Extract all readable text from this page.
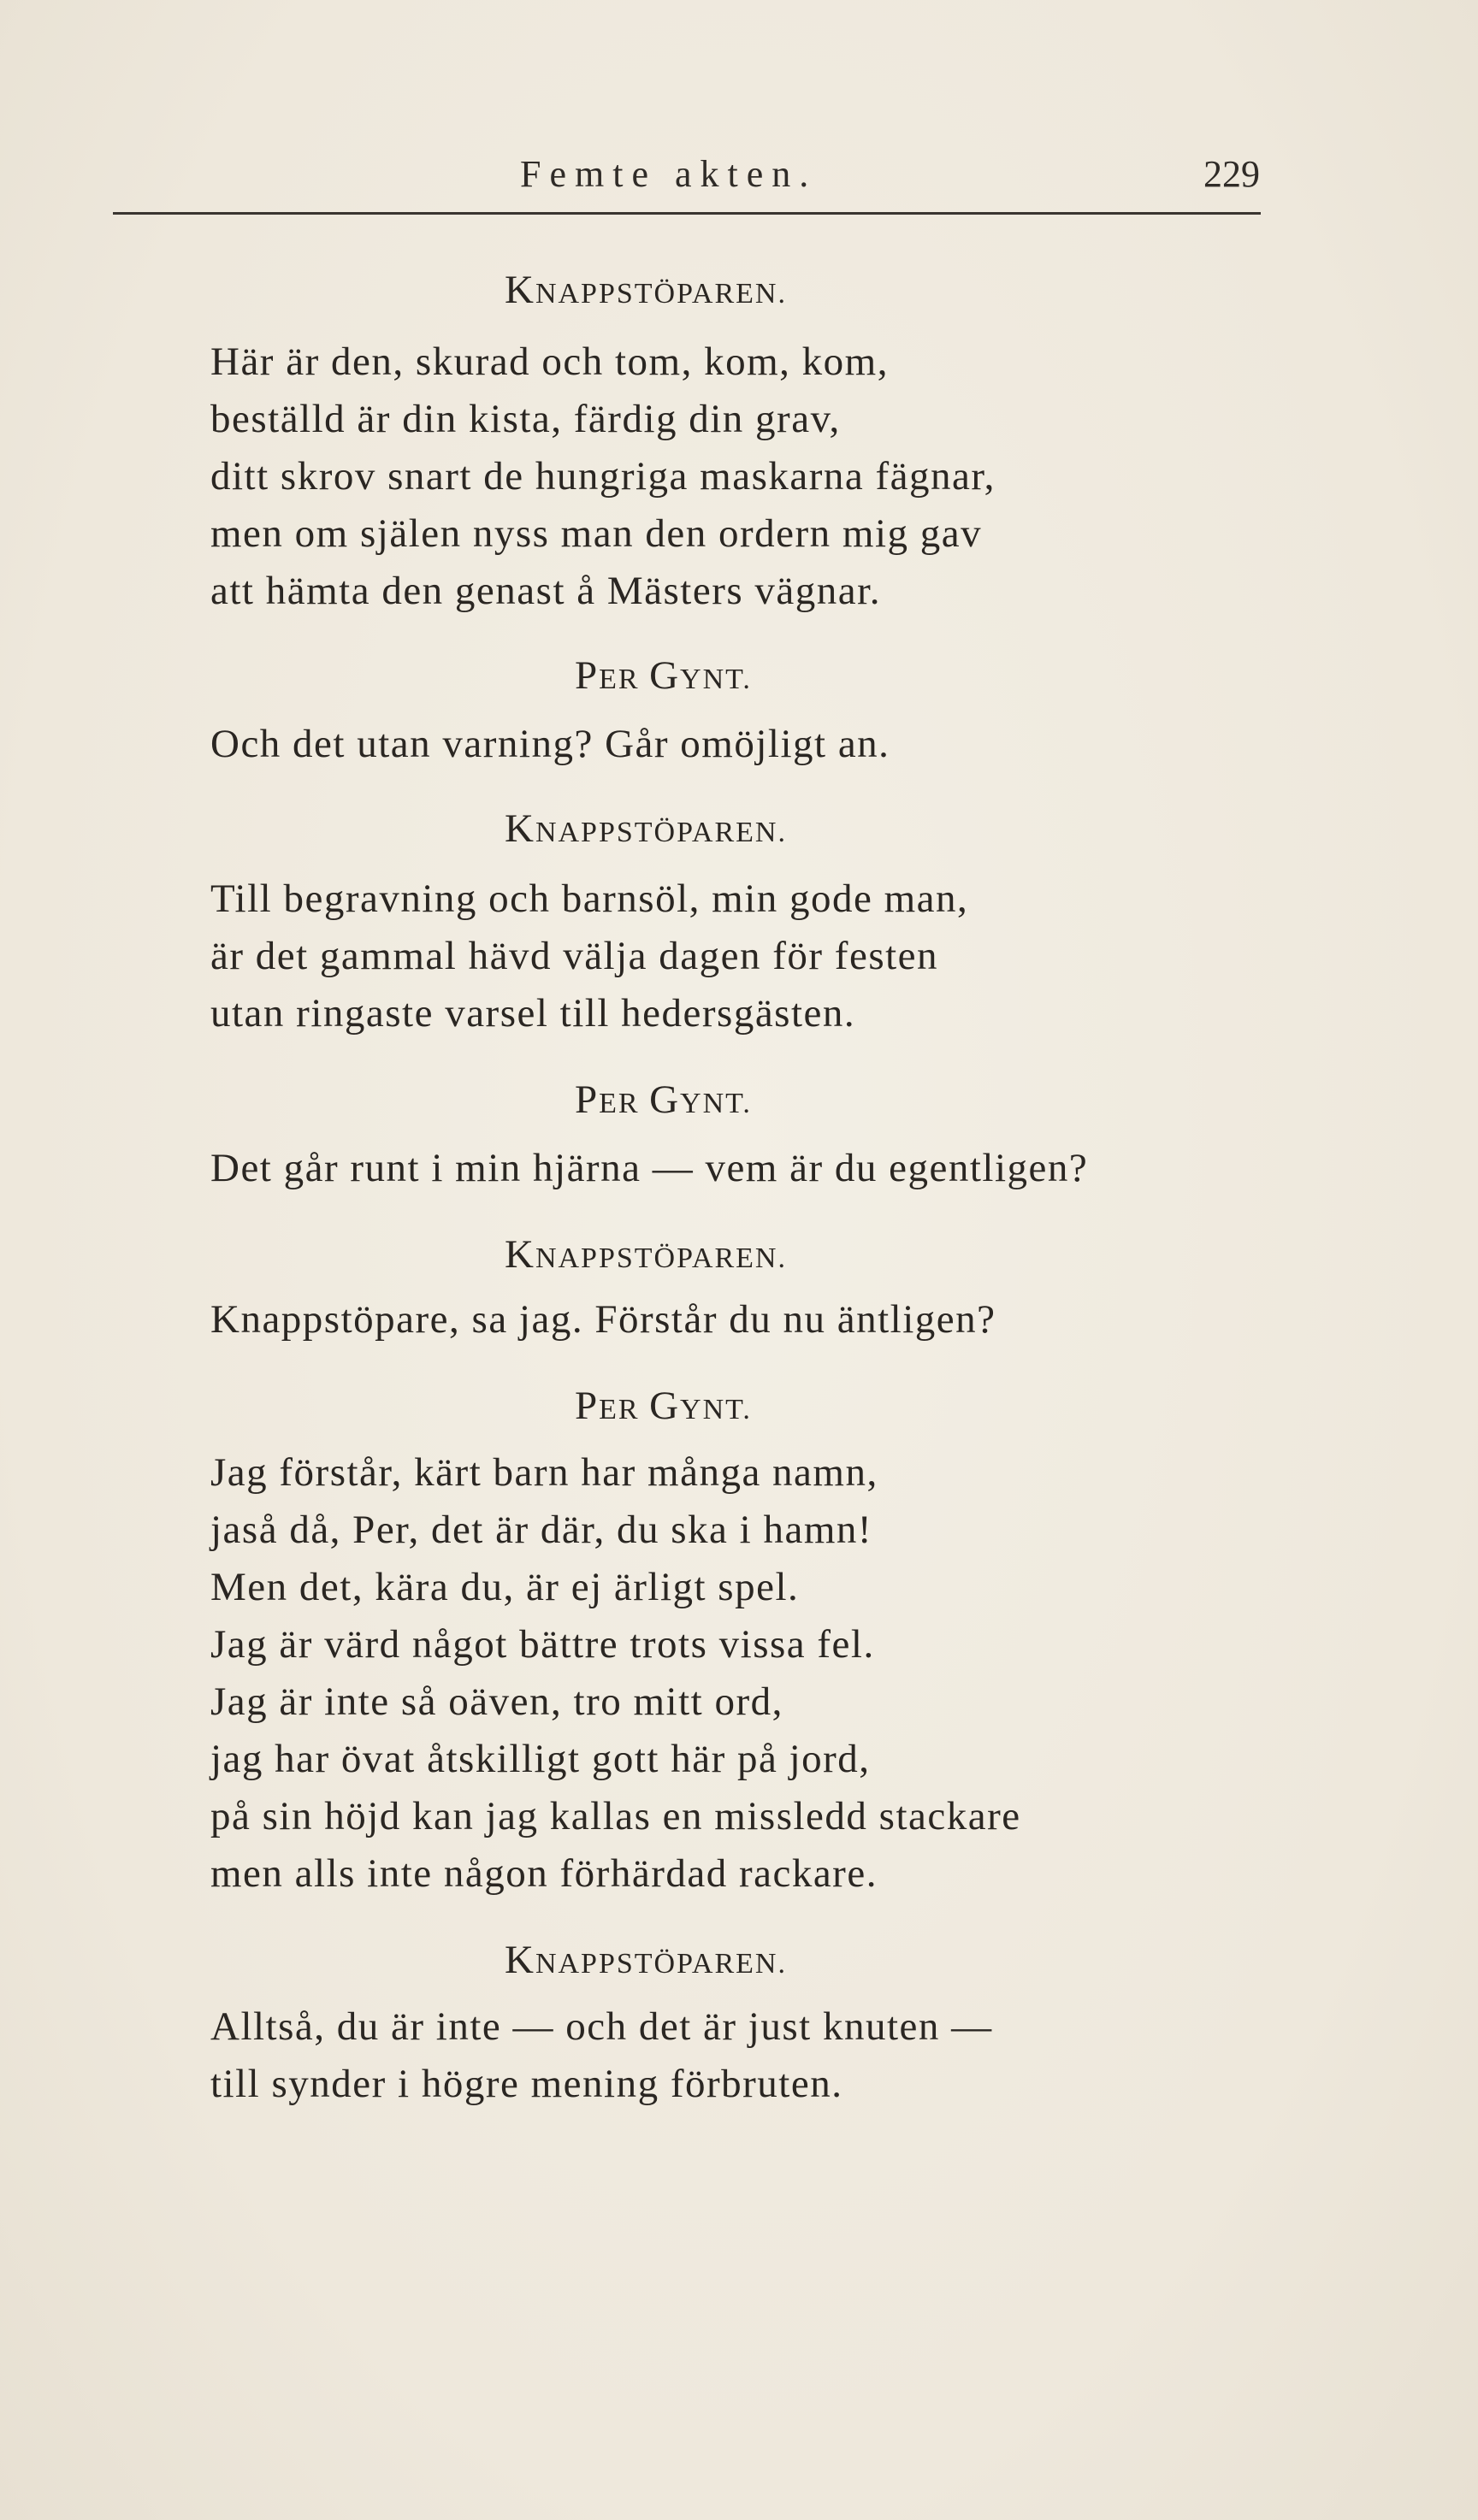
Femte akten.	229

KNAPPSTÖPAREN.

Här är den, skurad och tom, kom, kom,

beställd är din kista, färdig din grav,

ditt skrov snart de hungriga maskarna fägnar,

men om själen nyss man den ordern mig gav

att hämta den genast å Mästers vägnar.

PER GYNT.

Och det utan varning? Går omöjligt an.

KNAPPSTÖPAREN.

Till begravning och barnsöl, min gode man,

är det gammal hävd välja dagen för festen

utan ringaste varsel till hedersgästen.

PER GYNT.

Det går runt i min hjärna — vem är du egentligen?

KNAPPSTÖPAREN.

Knappstöpare, sa jag. Förstår du nu äntligen?

PER GYNT.

Jag förstår, kärt barn har många namn,

jaså då, Per, det är där, du ska i hamn!

Men det, kära du, är ej ärligt spel.

Jag är värd något bättre trots vissa fel.

Jag är inte så oäven, tro mitt ord,

jag har övat åtskilligt gott här på jord,

på sin höjd kan jag kallas en missledd stackare

men alls inte någon förhärdad rackare.

KNAPPSTÖPAREN.

Alltså, du är inte — och det är just knuten —

till synder i högre mening förbruten.
